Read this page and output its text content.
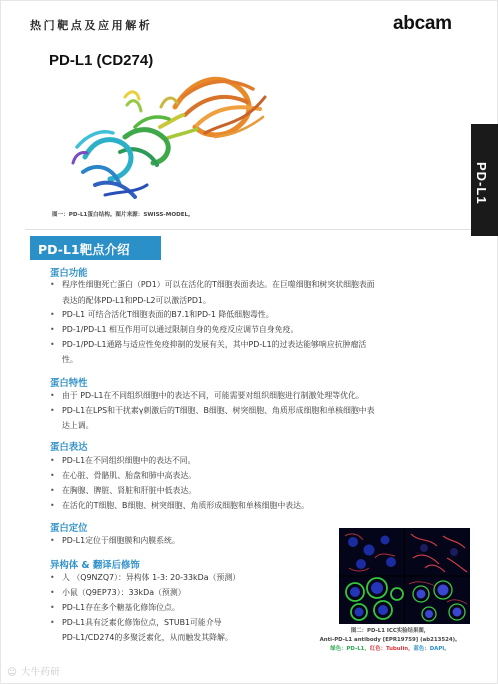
热门靶点及应用解析	abcam
PD-L1 (CD274)
PD-L1
图一：PD-L1蛋白结构。图片来源：SWISS-MODEL。
PD-L1靶点介绍
蛋白功能
• 程序性细胞死亡蛋白（PD1）可以在活化的T细胞表面表达。在巨噬细胞和树突状细胞表面
表达的配体PD-L1和PD-L2可以激活PD1。
• PD-L1 可结合活化T细胞表面的B7.1和PD-1 降低细胞毒性。
• PD-1/PD-L1 相互作用可以通过限制自身的免疫反应调节自身免疫。
• PD-1/PD-L1通路与适应性免疫抑制的发展有关，其中PD-L1的过表达能够响应抗肿瘤活
性。
蛋白特性
• 由于 PD-L1在不同组织细胞中的表达不同，可能需要对组织细胞进行制激处理等优化。
• PD-L1在LPS和干扰素γ刺激后的T细胞、B细胞、树突细胞、角质形成细胞和单核细胞中表
达上调。
蛋白表达
• PD-L1在不同组织细胞中的表达不同。
• 在心脏、骨骼肌、胎盘和肺中高表达。
• 在胸腺、脾脏、肾脏和肝脏中低表达。
• 在活化的T细胞、B细胞、树突细胞、角质形成细胞和单核细胞中表达。
蛋白定位
• PD-L1定位于细胞膜和内膜系统。
异构体 & 翻译后修饰
• 人 （Q9NZQ7）：异构体 1-3: 20-33kDa（预测）
• 小鼠（Q9EP73）：33kDa（预测）
• PD-L1存在多个糖基化修饰位点。
• PD-L1具有泛素化修饰位点，STUB1可能介导
PD-L1/CD274的多聚泛素化，从而触发其降解。
图二：PD-L1 ICC实验结果图，
Anti-PD-L1 antibody [EPR19759] (ab213524)。
绿色：PD-L1，红色：Tubulin，蓝色：DAPI。
☺ 大牛药研
